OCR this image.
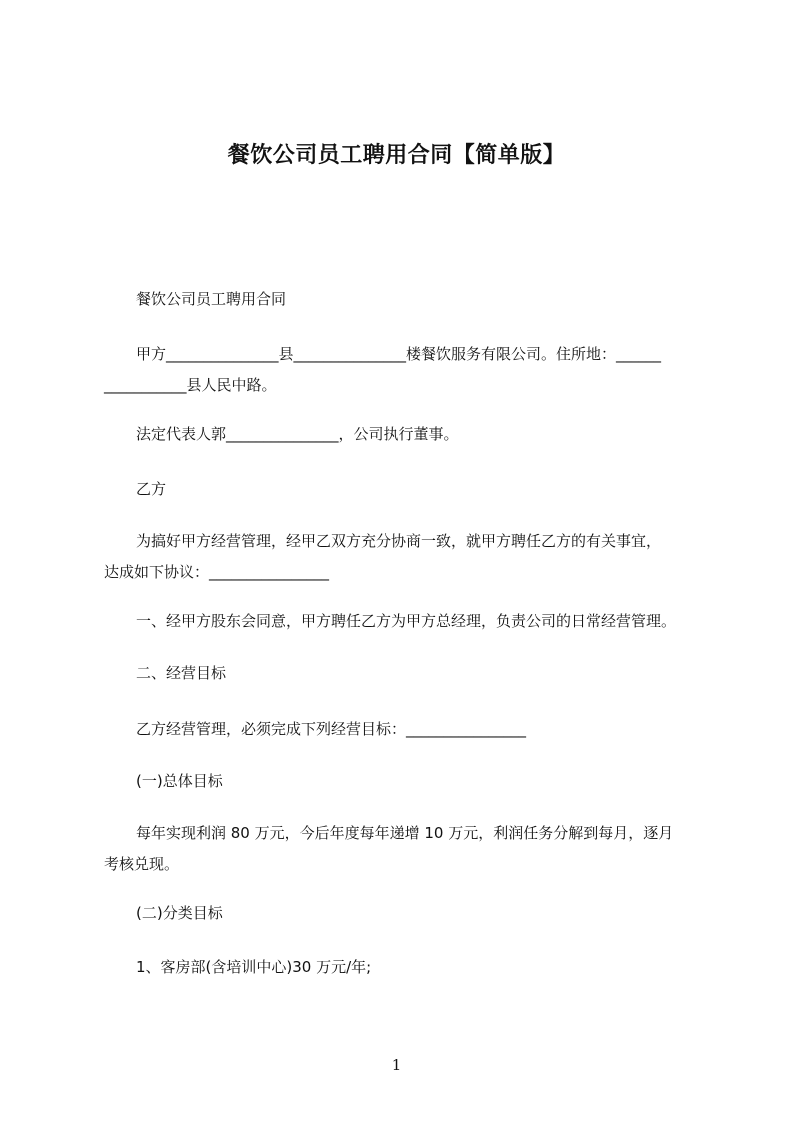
餐饮公司员工聘用合同【简单版】
餐饮公司员工聘用合同
甲方_______________县_______________楼餐饮服务有限公司。住所地：______
___________县人民中路。
法定代表人郭_______________，公司执行董事。
乙方
为搞好甲方经营管理，经甲乙双方充分协商一致，就甲方聘任乙方的有关事宜，
达成如下协议：________________
一、经甲方股东会同意，甲方聘任乙方为甲方总经理，负责公司的日常经营管理。
二、经营目标
乙方经营管理，必须完成下列经营目标：________________
(一)总体目标
每年实现利润 80 万元，今后年度每年递增 10 万元，利润任务分解到每月，逐月
考核兑现。
(二)分类目标
1、客房部(含培训中心)30 万元/年;
1
